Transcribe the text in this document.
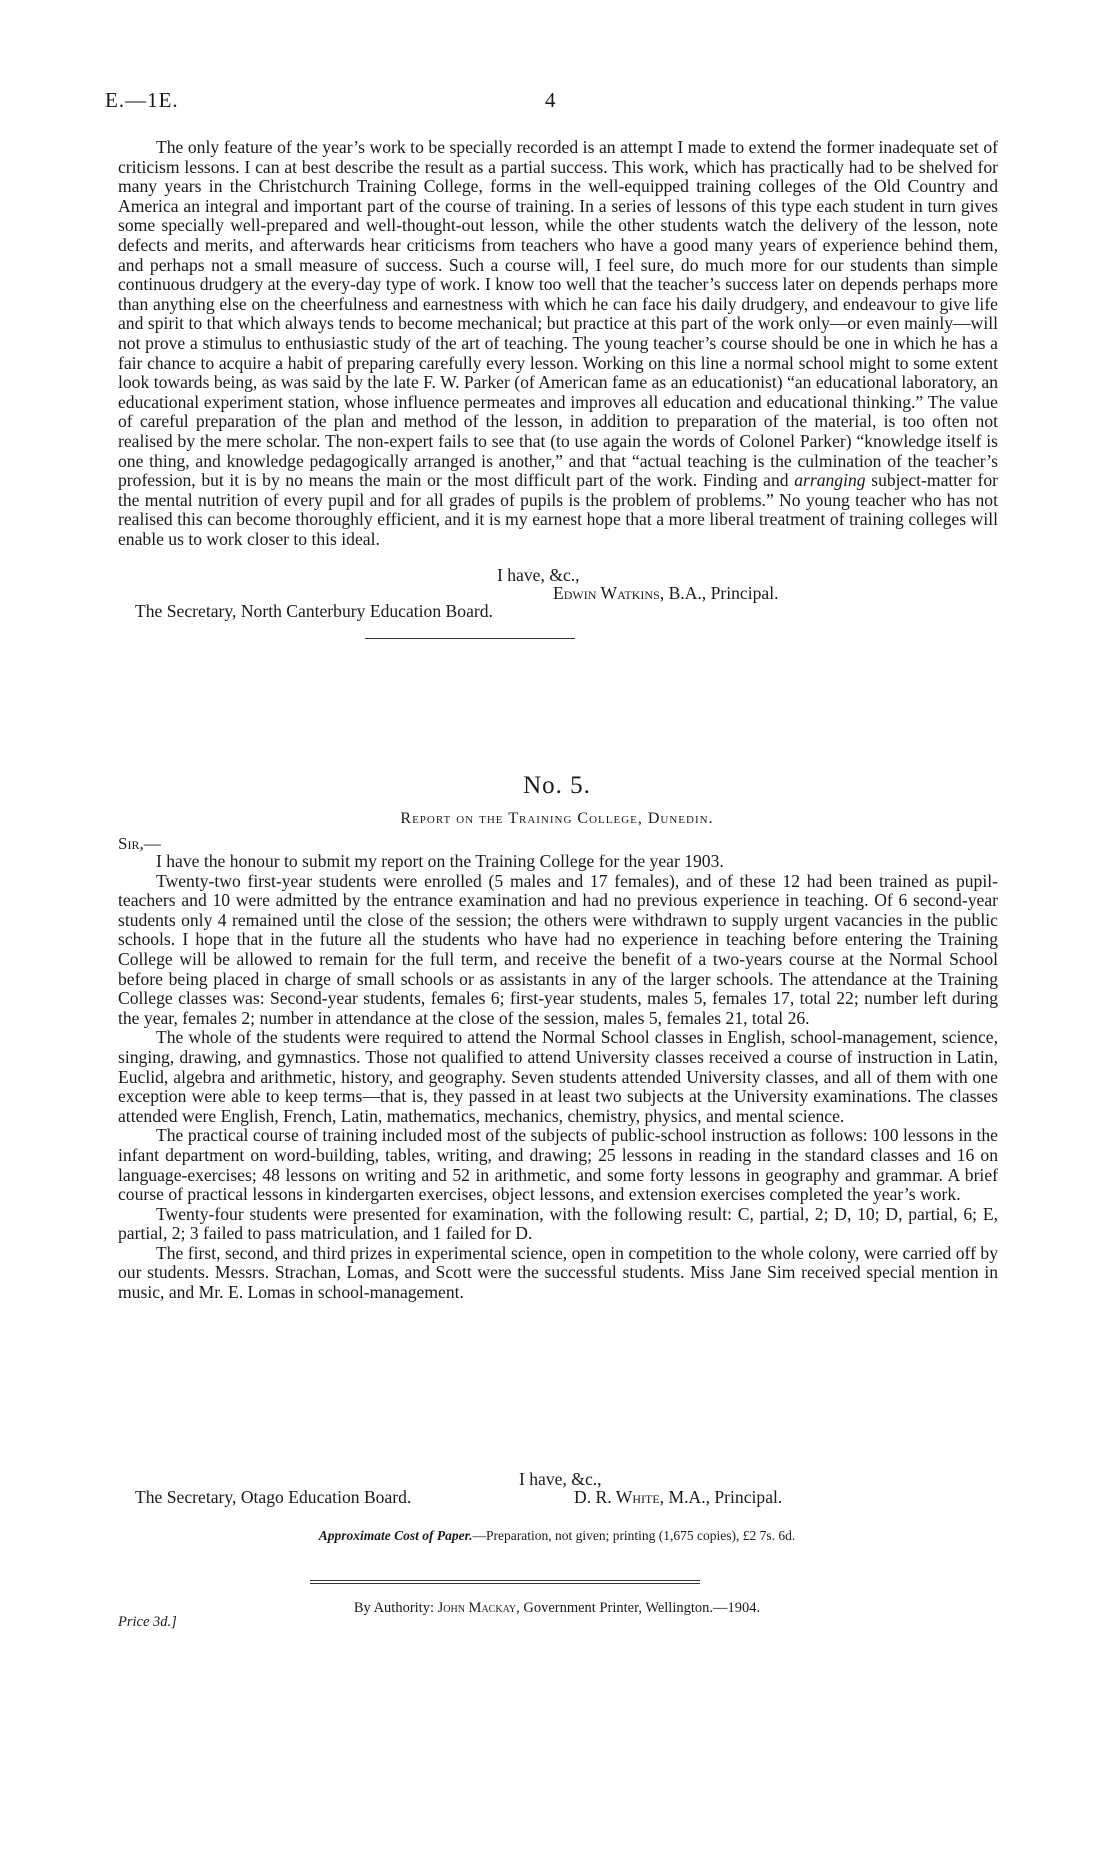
E.—1E.	4

The only feature of the year’s work to be specially recorded is an attempt I made to extend the former inadequate set of criticism lessons. I can at best describe the result as a partial success. This work, which has practically had to be shelved for many years in the Christchurch Training College, forms in the well-equipped training colleges of the Old Country and America an integral and important part of the course of training. In a series of lessons of this type each student in turn gives some specially well-prepared and well-thought-out lesson, while the other students watch the delivery of the lesson, note defects and merits, and afterwards hear criticisms from teachers who have a good many years of experience behind them, and perhaps not a small measure of success. Such a course will, I feel sure, do much more for our students than simple continuous drudgery at the every-day type of work. I know too well that the teacher’s success later on depends perhaps more than anything else on the cheerfulness and earnestness with which he can face his daily drudgery, and endeavour to give life and spirit to that which always tends to become mechanical; but practice at this part of the work only—or even mainly—will not prove a stimulus to enthusiastic study of the art of teaching. The young teacher’s course should be one in which he has a fair chance to acquire a habit of preparing carefully every lesson. Working on this line a normal school might to some extent look towards being, as was said by the late F. W. Parker (of American fame as an educationist) “an educational laboratory, an educational experiment station, whose influence permeates and improves all education and educational thinking.” The value of careful preparation of the plan and method of the lesson, in addition to preparation of the material, is too often not realised by the mere scholar. The non-expert fails to see that (to use again the words of Colonel Parker) “knowledge itself is one thing, and knowledge pedagogically arranged is another,” and that “actual teaching is the culmination of the teacher’s profession, but it is by no means the main or the most difficult part of the work. Finding and arranging subject-matter for the mental nutrition of every pupil and for all grades of pupils is the problem of problems.” No young teacher who has not realised this can become thoroughly efficient, and it is my earnest hope that a more liberal treatment of training colleges will enable us to work closer to this ideal.

I have, &c.,
Edwin Watkins, B.A., Principal.
The Secretary, North Canterbury Education Board.
No. 5.
Report on the Training College, Dunedin.
Sir,—

I have the honour to submit my report on the Training College for the year 1903.

Twenty-two first-year students were enrolled (5 males and 17 females), and of these 12 had been trained as pupil-teachers and 10 were admitted by the entrance examination and had no previous experience in teaching. Of 6 second-year students only 4 remained until the close of the session; the others were withdrawn to supply urgent vacancies in the public schools. I hope that in the future all the students who have had no experience in teaching before entering the Training College will be allowed to remain for the full term, and receive the benefit of a two-years course at the Normal School before being placed in charge of small schools or as assistants in any of the larger schools. The attendance at the Training College classes was: Second-year students, females 6; first-year students, males 5, females 17, total 22; number left during the year, females 2; number in attendance at the close of the session, males 5, females 21, total 26.

The whole of the students were required to attend the Normal School classes in English, school-management, science, singing, drawing, and gymnastics. Those not qualified to attend University classes received a course of instruction in Latin, Euclid, algebra and arithmetic, history, and geography. Seven students attended University classes, and all of them with one exception were able to keep terms—that is, they passed in at least two subjects at the University examinations. The classes attended were English, French, Latin, mathematics, mechanics, chemistry, physics, and mental science.

The practical course of training included most of the subjects of public-school instruction as follows: 100 lessons in the infant department on word-building, tables, writing, and drawing; 25 lessons in reading in the standard classes and 16 on language-exercises; 48 lessons on writing and 52 in arithmetic, and some forty lessons in geography and grammar. A brief course of practical lessons in kindergarten exercises, object lessons, and extension exercises completed the year’s work.

Twenty-four students were presented for examination, with the following result: C, partial, 2; D, 10; D, partial, 6; E, partial, 2; 3 failed to pass matriculation, and 1 failed for D.

The first, second, and third prizes in experimental science, open in competition to the whole colony, were carried off by our students. Messrs. Strachan, Lomas, and Scott were the successful students. Miss Jane Sim received special mention in music, and Mr. E. Lomas in school-management.

I have, &c.,
The Secretary, Otago Education Board.	D. R. White, M.A., Principal.
Approximate Cost of Paper.—Preparation, not given; printing (1,675 copies), £2 7s. 6d.
By Authority: John Mackay, Government Printer, Wellington.—1904.
Price 3d.]
